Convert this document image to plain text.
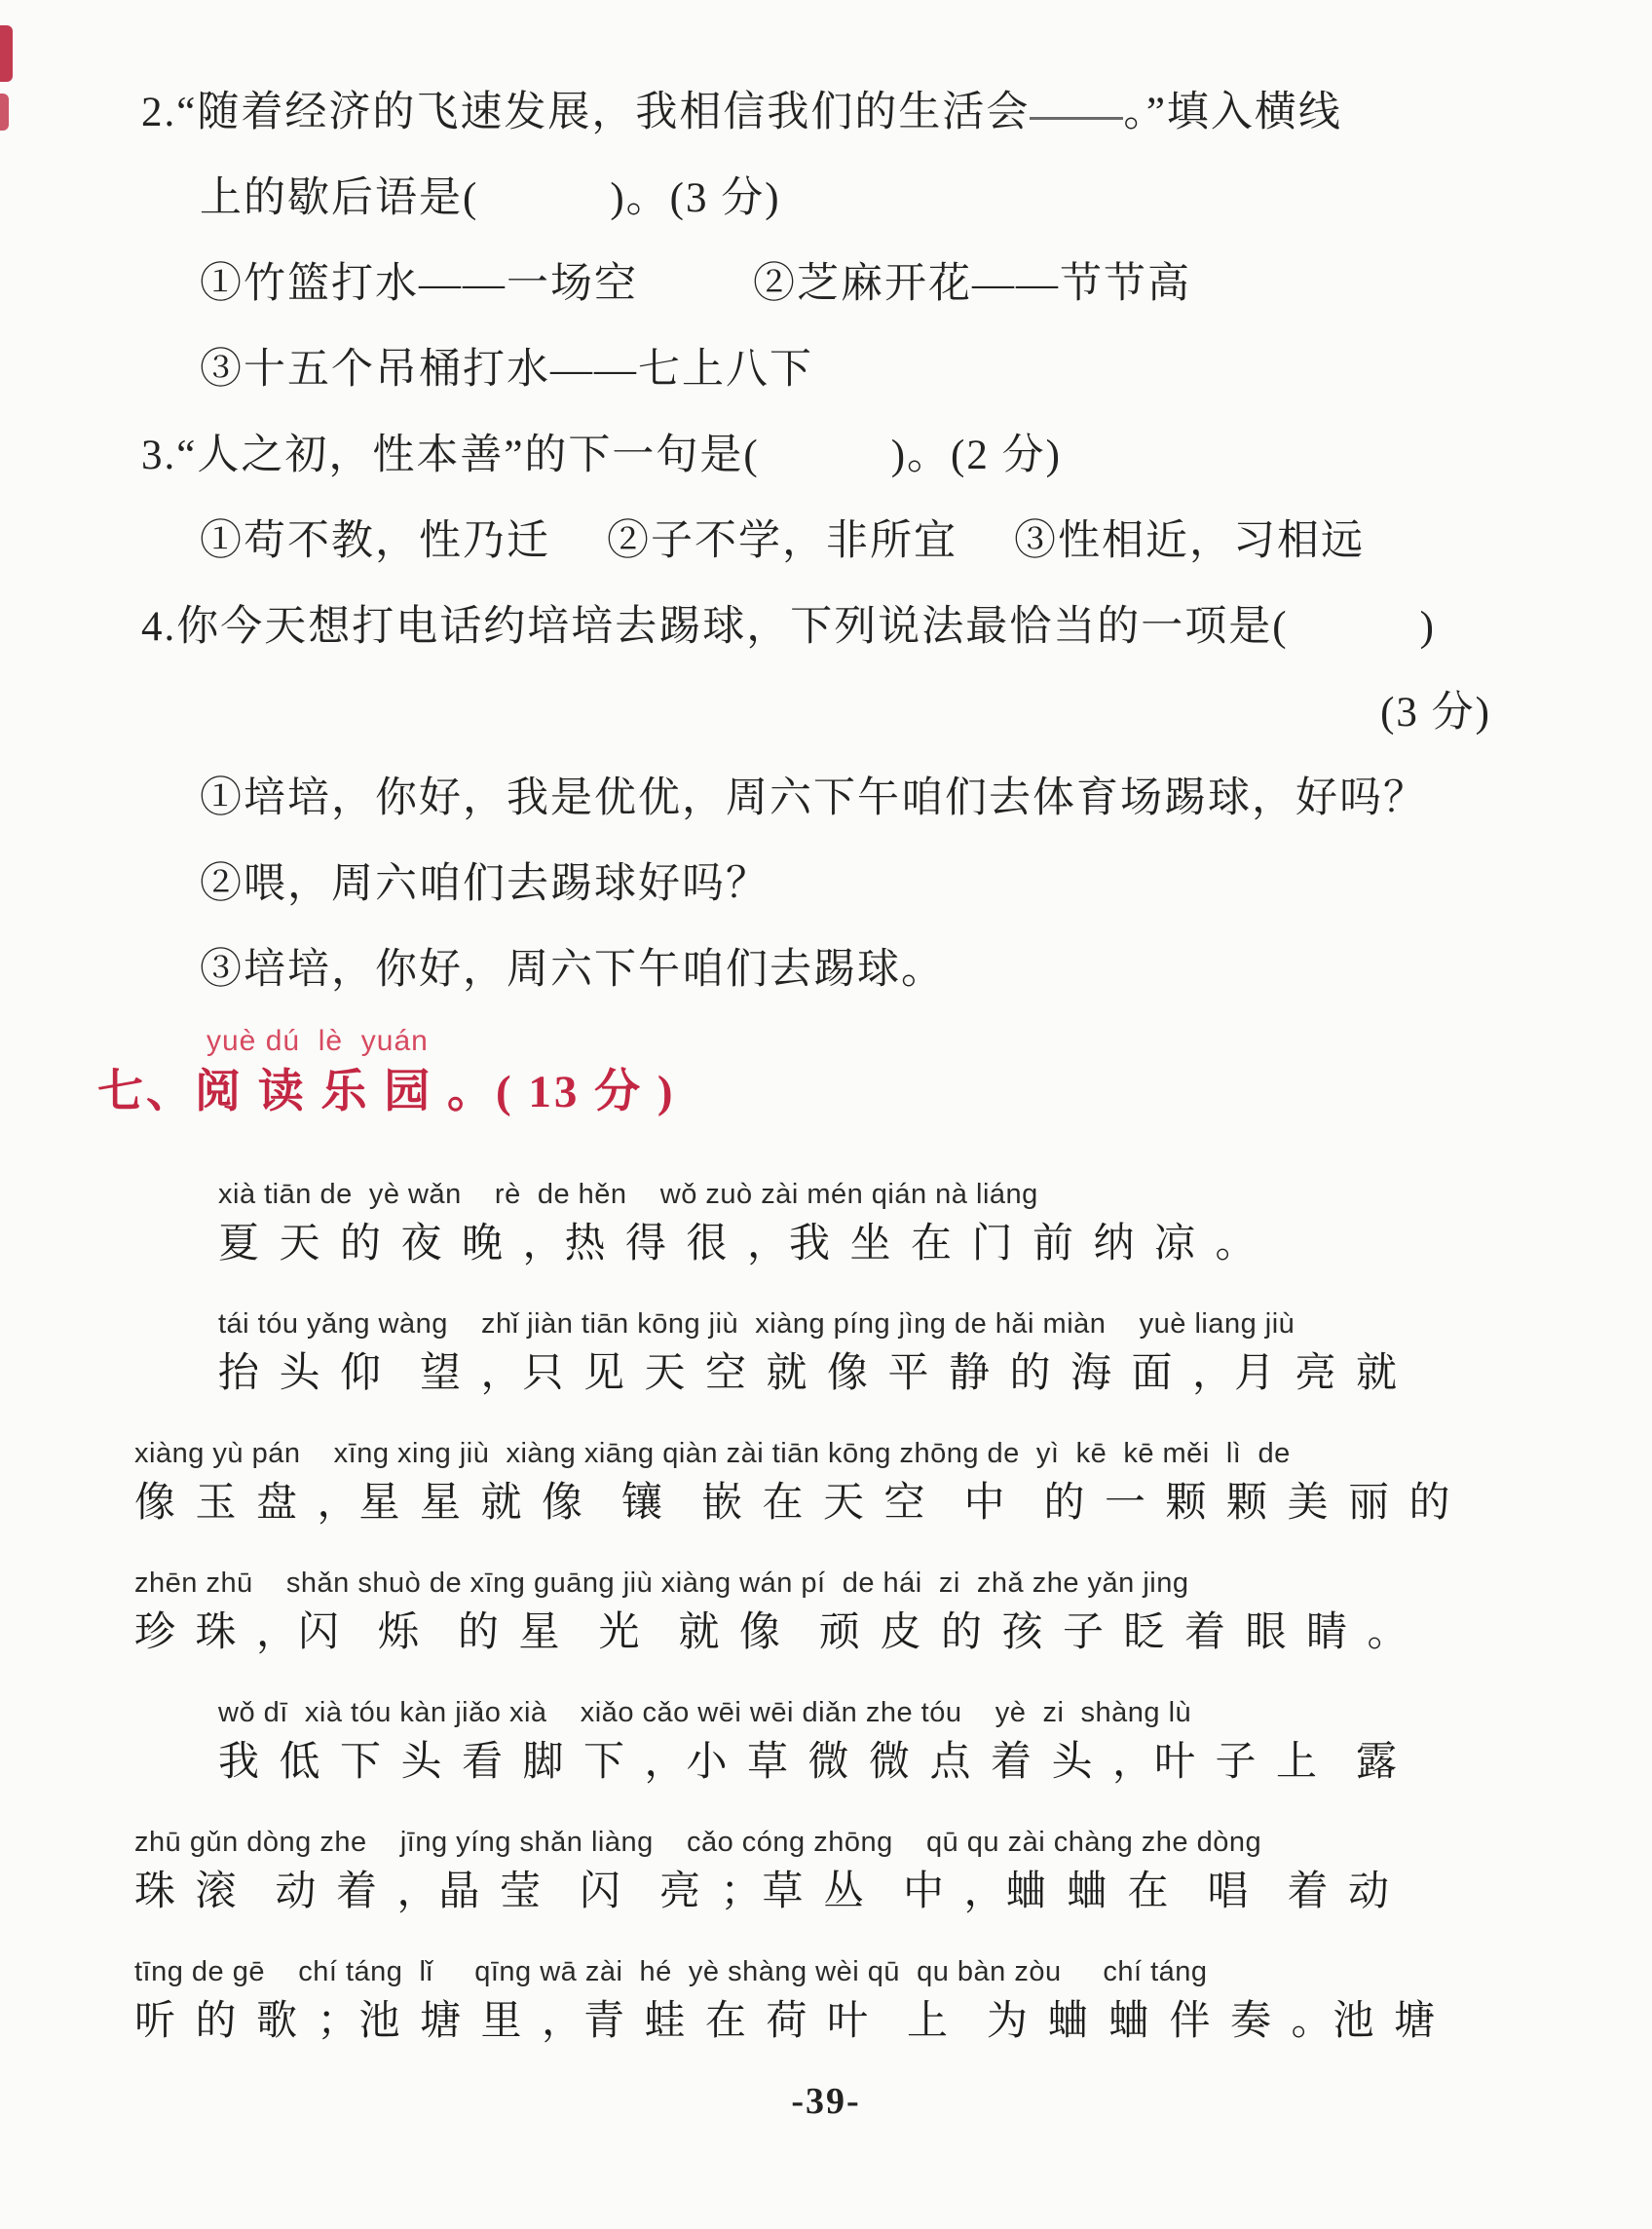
2.“随着经济的飞速发展，我相信我们的生活会 。”填入横线
上的歇后语是(　　　)。(3 分)
①竹篮打水——一场空	②芝麻开花——节节高
③十五个吊桶打水——七上八下
3.“人之初，性本善”的下一句是(　　　)。(2 分)
①苟不教，性乃迁 ②子不学，非所宜 ③性相近，习相远
4.你今天想打电话约培培去踢球，下列说法最恰当的一项是(　　　)
(3 分)
①培培，你好，我是优优，周六下午咱们去体育场踢球，好吗？
②喂，周六咱们去踢球好吗？
③培培，你好，周六下午咱们去踢球。
yuè dú  lè  yuán
七、阅 读 乐 园 。( 13 分 )
xià tiān de  yè wǎn    rè  de hěn    wǒ zuò zài mén qián nà liáng
夏 天 的 夜 晚 ，热 得 很 ，我 坐 在 门 前 纳 凉 。
tái tóu yǎng wàng    zhǐ jiàn tiān kōng jiù  xiàng píng jìng de hǎi miàn    yuè liang jiù
抬 头 仰  望 ，只 见 天 空 就 像 平 静 的 海 面 ，月 亮 就
xiàng yù pán    xīng xing jiù  xiàng xiāng qiàn zài tiān kōng zhōng de  yì  kē  kē měi  lì  de
像 玉 盘 ，星 星 就 像  镶  嵌 在 天 空  中  的 一 颗 颗 美 丽 的
zhēn zhū    shǎn shuò de xīng guāng jiù xiàng wán pí  de hái  zi  zhǎ zhe yǎn jing
珍 珠 ，闪  烁  的 星  光  就 像  顽 皮 的 孩 子 眨 着 眼 睛 。
wǒ dī  xià tóu kàn jiǎo xià    xiǎo cǎo wēi wēi diǎn zhe tóu    yè  zi  shàng lù
我 低 下 头 看 脚 下 ，小 草 微 微 点 着 头 ，叶 子 上  露
zhū gǔn dòng zhe    jīng yíng shǎn liàng    cǎo cóng zhōng    qū qu zài chàng zhe dòng
珠 滚  动 着 ，晶 莹  闪  亮 ；草 丛  中 ，蛐 蛐 在  唱  着 动
tīng de gē    chí táng  lǐ     qīng wā zài  hé  yè shàng wèi qū  qu bàn zòu     chí táng
听 的 歌 ；池 塘 里 ，青 蛙 在 荷 叶  上  为 蛐 蛐 伴 奏 。池 塘
-39-
